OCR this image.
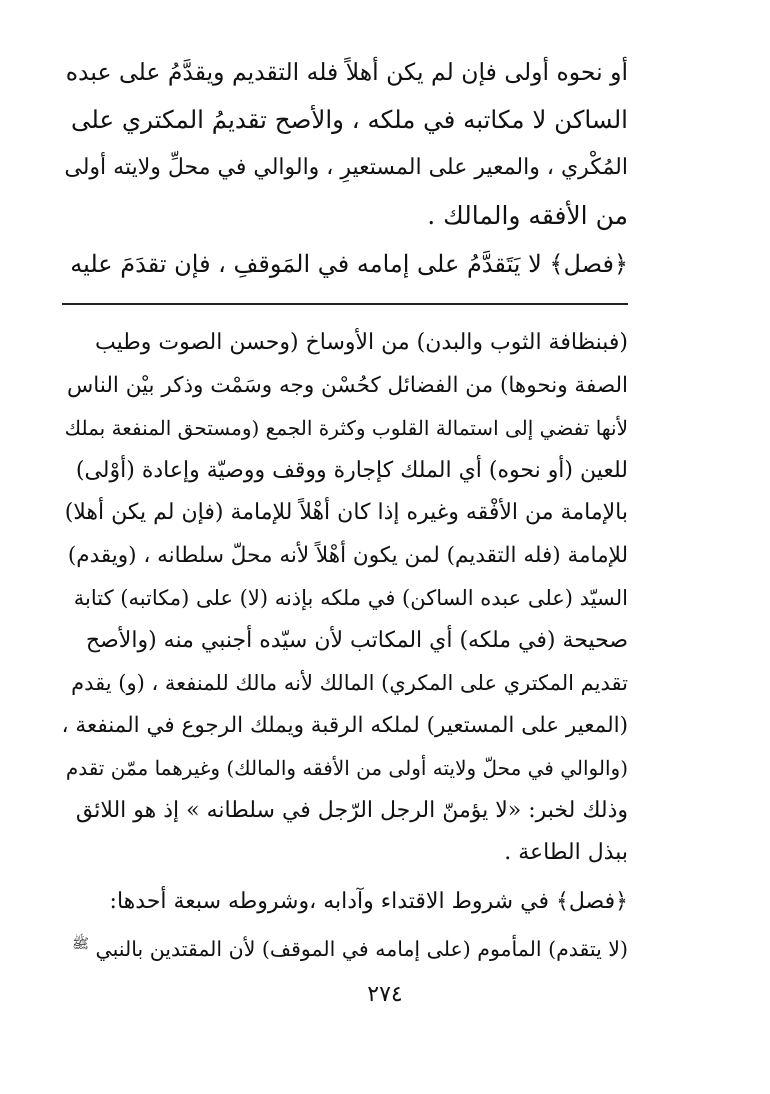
أو نحوه أولى فإن لم يكن أهلاً فله التقديم ويقدَّمُ على عبده
الساكن لا مكاتبه في ملكه ، والأصح تقديمُ المكتري على
المُكْري ، والمعير على المستعيرِ ، والوالي في محلِّ ولايته أولى
من الأفقه والمالك .
﴿فصل﴾ لا يَتَقدَّمُ على إمامه في المَوقفِ ، فإن تقدَمَ عليه
(فبنظافة الثوب والبدن) من الأوساخ (وحسن الصوت وطيب
الصفة ونحوها) من الفضائل كحُسْن وجه وسَمْت وذكر بيْن الناس
لأنها تفضي إلى استمالة القلوب وكثرة الجمع (ومستحق المنفعة بملك
للعين (أو نحوه) أي الملك كإجارة ووقف ووصيّة وإعادة (أوْلى)
بالإمامة من الأفْقه وغيره إذا كان أهْلاً للإمامة (فإن لم يكن أهلا)
للإمامة (فله التقديم) لمن يكون أهْلاً لأنه محلّ سلطانه ، (ويقدم)
السيّد (على عبده الساكن) في ملكه بإذنه (لا) على (مكاتبه) كتابة
صحيحة (في ملكه) أي المكاتب لأن سيّده أجنبي منه (والأصح
تقديم المكتري على المكري) المالك لأنه مالك للمنفعة ، (و) يقدم
(المعير على المستعير) لملكه الرقبة ويملك الرجوع في المنفعة ،
(والوالي في محلّ ولايته أولى من الأفقه والمالك) وغيرهما ممّن تقدم
وذلك لخبر: «لا يؤمنّ الرجل الرّجل في سلطانه » إذ هو اللائق
ببذل الطاعة .
﴿فصل﴾ في شروط الاقتداء وآدابه ،وشروطه سبعة أحدها:
(لا يتقدم) المأموم (على إمامه في الموقف) لأن المقتدين بالنبي $^ﷺ$
٢٧٤
